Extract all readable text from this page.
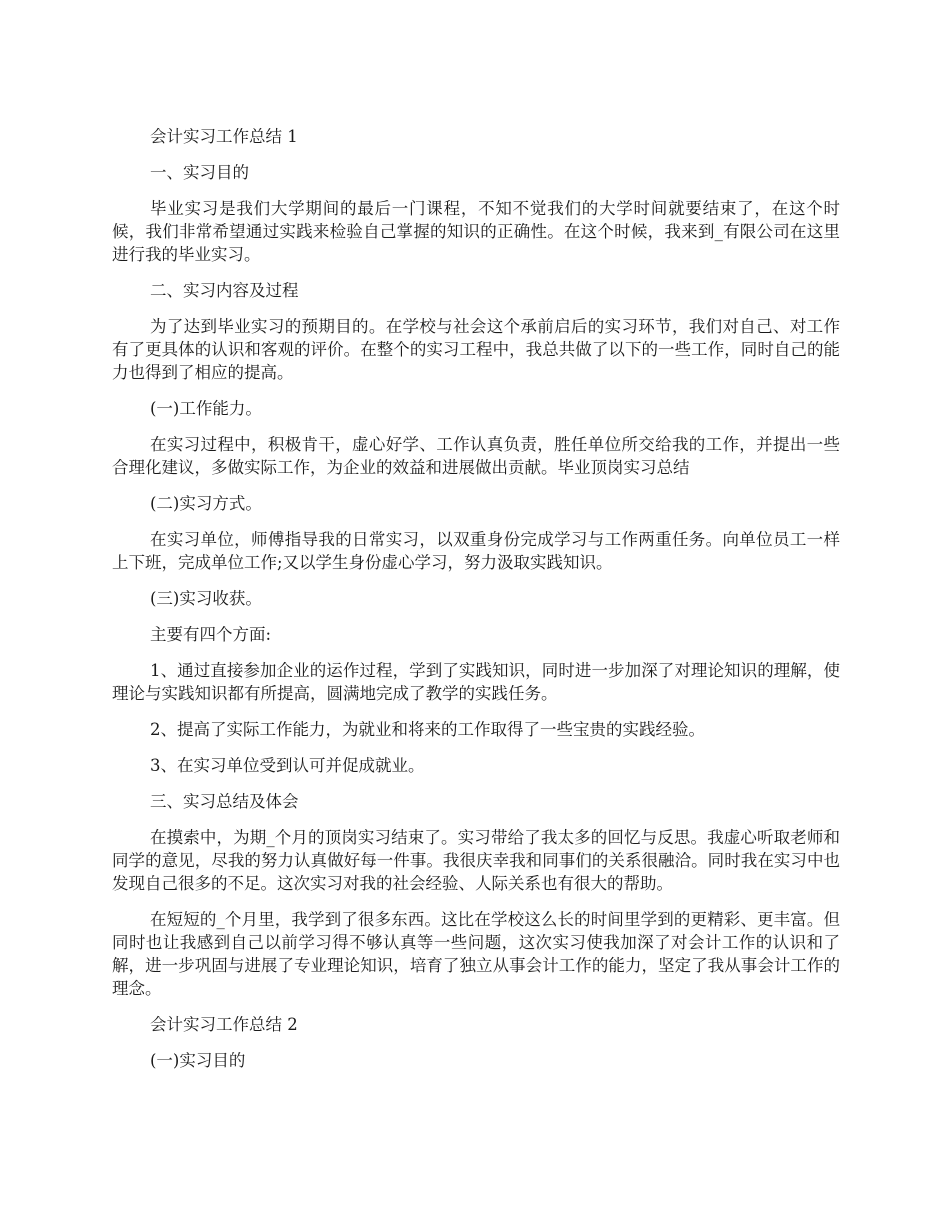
会计实习工作总结 1

一、实习目的

毕业实习是我们大学期间的最后一门课程，不知不觉我们的大学时间就要结束了，在这个时候，我们非常希望通过实践来检验自己掌握的知识的正确性。在这个时候，我来到_有限公司在这里进行我的毕业实习。

二、实习内容及过程

为了达到毕业实习的预期目的。在学校与社会这个承前启后的实习环节，我们对自己、对工作有了更具体的认识和客观的评价。在整个的实习工程中，我总共做了以下的一些工作，同时自己的能力也得到了相应的提高。

(一)工作能力。

在实习过程中，积极肯干，虚心好学、工作认真负责，胜任单位所交给我的工作，并提出一些合理化建议，多做实际工作，为企业的效益和进展做出贡献。毕业顶岗实习总结

(二)实习方式。

在实习单位，师傅指导我的日常实习，以双重身份完成学习与工作两重任务。向单位员工一样上下班，完成单位工作;又以学生身份虚心学习，努力汲取实践知识。

(三)实习收获。

主要有四个方面:

1、通过直接参加企业的运作过程，学到了实践知识，同时进一步加深了对理论知识的理解，使理论与实践知识都有所提高，圆满地完成了教学的实践任务。

2、提高了实际工作能力，为就业和将来的工作取得了一些宝贵的实践经验。

3、在实习单位受到认可并促成就业。

三、实习总结及体会

在摸索中，为期_个月的顶岗实习结束了。实习带给了我太多的回忆与反思。我虚心听取老师和同学的意见，尽我的努力认真做好每一件事。我很庆幸我和同事们的关系很融洽。同时我在实习中也发现自己很多的不足。这次实习对我的社会经验、人际关系也有很大的帮助。

在短短的_个月里，我学到了很多东西。这比在学校这么长的时间里学到的更精彩、更丰富。但同时也让我感到自己以前学习得不够认真等一些问题，这次实习使我加深了对会计工作的认识和了解，进一步巩固与进展了专业理论知识，培育了独立从事会计工作的能力，坚定了我从事会计工作的理念。

会计实习工作总结 2

(一)实习目的
